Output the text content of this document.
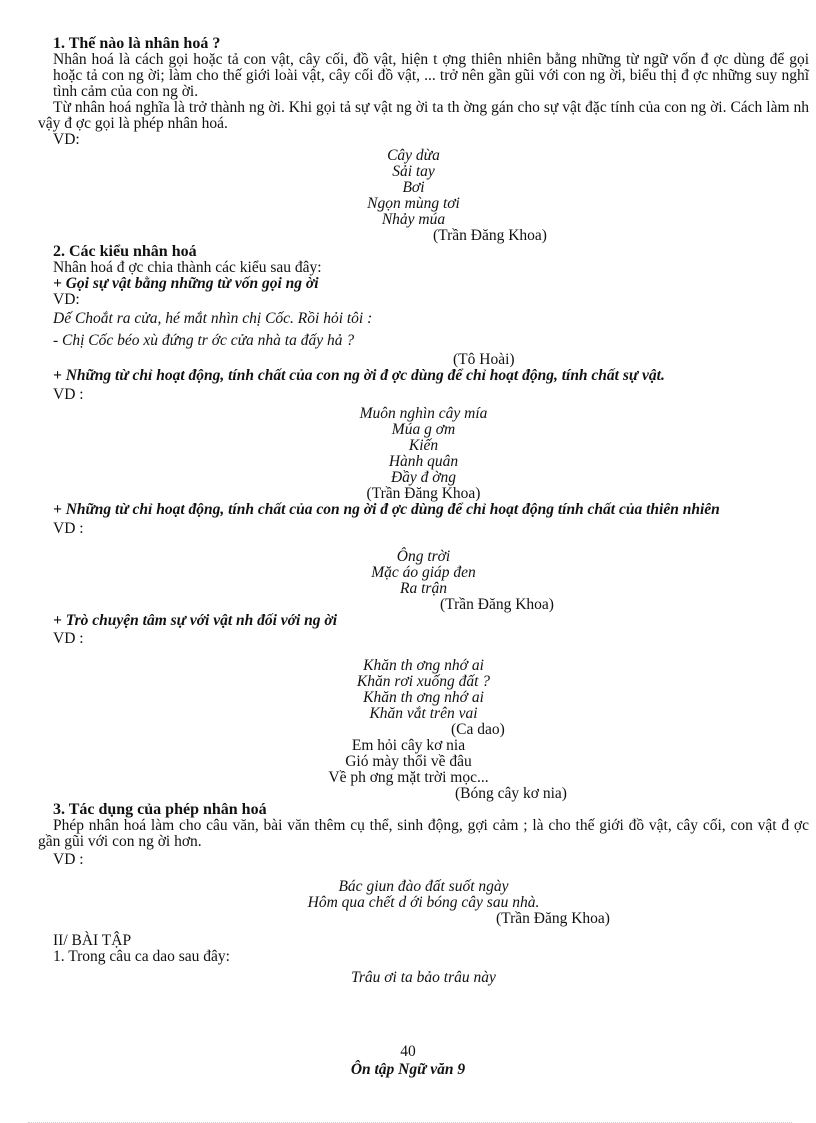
1. Thế nào là nhân hoá ?
Nhân hoá là cách gọi hoặc tả con vật, cây cối, đồ vật, hiện t ợng thiên nhiên bằng những từ ngữ vốn đ ợc dùng để gọi hoặc tả con ng ời; làm cho thế giới loài vật, cây cối đồ vật, ... trở nên gần gũi với con ng ời, biểu thị đ ợc những suy nghĩ tình cảm của con ng ời.
Từ nhân hoá nghĩa là trở thành ng ời. Khi gọi tả sự vật ng ời ta th ờng gán cho sự vật đặc tính của con ng ời. Cách làm nh vậy đ ợc gọi là phép nhân hoá.
VD:
Cây dừa
Sải tay
Bơi
Ngọn mùng tơi
Nhảy múa
(Trần Đăng Khoa)
2. Các kiểu nhân hoá
Nhân hoá đ ợc chia thành các kiểu sau đây:
+ Gọi sự vật bằng những từ vốn gọi ng ời
VD:
Dế Choắt ra cửa, hé mắt nhìn chị Cốc. Rồi hỏi tôi :
- Chị Cốc béo xù đứng tr ớc cửa nhà ta đấy hả ?
(Tô Hoài)
+ Những từ chỉ hoạt động, tính chất của con ng ời đ ợc dùng để chỉ hoạt động, tính chất sự vật.
VD :
Muôn nghìn cây mía
Múa g ơm
Kiến
Hành quân
Đầy đ ờng
(Trần Đăng Khoa)
+ Những từ chỉ hoạt động, tính chất của con ng ời đ ợc dùng để chỉ hoạt động tính chất của thiên nhiên
VD :
Ông trời
Mặc áo giáp đen
Ra trận
(Trần Đăng Khoa)
+ Trò chuyện tâm sự với vật nh đối với ng ời
VD :
Khăn th ơng nhớ ai
Khăn rơi xuống đất ?
Khăn th ơng nhớ ai
Khăn vắt trên vai
(Ca dao)
Em hỏi cây kơ nia
Gió mày thổi về đâu
Về ph ơng mặt trời mọc...
(Bóng cây kơ nia)
3. Tác dụng của phép nhân hoá
Phép nhân hoá làm cho câu văn, bài văn thêm cụ thể, sinh động, gợi cảm ; là cho thế giới đồ vật, cây cối, con vật đ ợc gần gũi với con ng ời hơn.
VD :
Bác giun đào đất suốt ngày
Hôm qua chết d ới bóng cây sau nhà.
(Trần Đăng Khoa)
II/ BÀI TẬP
1. Trong câu ca dao sau đây:
Trâu ơi ta bảo trâu này
40
Ôn tập Ngữ văn 9
